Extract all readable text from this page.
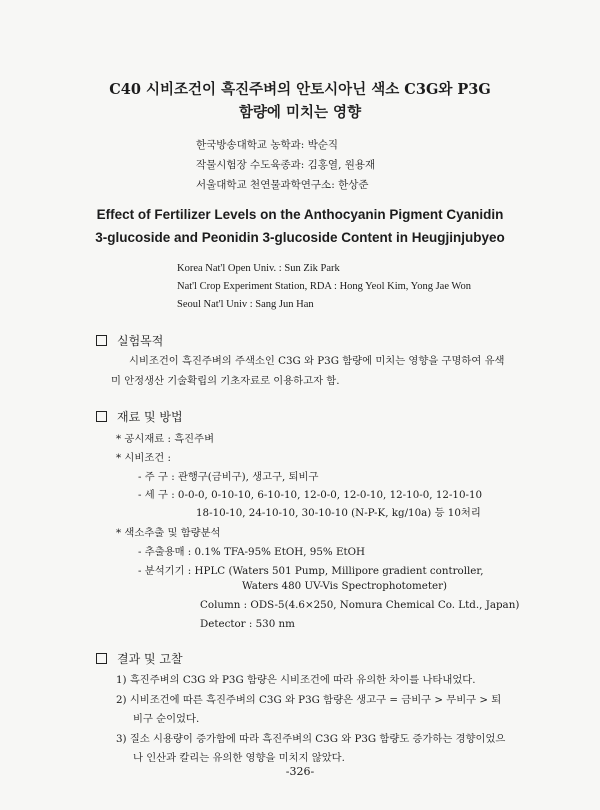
C40 시비조건이 흑진주벼의 안토시아닌 색소 C3G와 P3G
함량에 미치는 영향
한국방송대학교 농학과: 박순직
작물시험장 수도육종과: 김홍열, 원용재
서울대학교 천연물과학연구소: 한상준
Effect of Fertilizer Levels on the Anthocyanin Pigment Cyanidin
3-glucoside and Peonidin 3-glucoside Content in Heugjinjubyeo
Korea Nat'l Open Univ. : Sun Zik Park
Nat'l Crop Experiment Station, RDA : Hong Yeol Kim, Yong Jae Won
Seoul Nat'l Univ : Sang Jun Han
실험목적
시비조건이 흑진주벼의 주색소인 C3G 와 P3G 함량에 미치는 영향을 구명하여 유색
미 안정생산 기술확립의 기초자료로 이용하고자 함.
재료 및 방법
* 공시재료 : 흑진주벼
* 시비조건 :
- 주 구 : 관행구(금비구), 생고구, 퇴비구
- 세 구 : 0-0-0, 0-10-10, 6-10-10, 12-0-0, 12-0-10, 12-10-0, 12-10-10
18-10-10, 24-10-10, 30-10-10 (N-P-K, kg/10a) 등 10처리
* 색소추출 및 함량분석
- 추출용매 : 0.1% TFA-95% EtOH, 95% EtOH
- 분석기기 : HPLC (Waters 501 Pump, Millipore gradient controller,
Waters 480 UV-Vis Spectrophotometer)
Column : ODS-5(4.6×250, Nomura Chemical Co. Ltd., Japan)
Detector : 530 nm
결과 및 고찰
1) 흑진주벼의 C3G 와 P3G 함량은 시비조건에 따라 유의한 차이를 나타내었다.
2) 시비조건에 따른 흑진주벼의 C3G 와 P3G 함량은 생고구 = 금비구 > 무비구 > 퇴
비구 순이었다.
3) 질소 시용량이 증가함에 따라 흑진주벼의 C3G 와 P3G 함량도 증가하는 경향이었으
나 인산과 칼리는 유의한 영향을 미치지 않았다.
-326-
